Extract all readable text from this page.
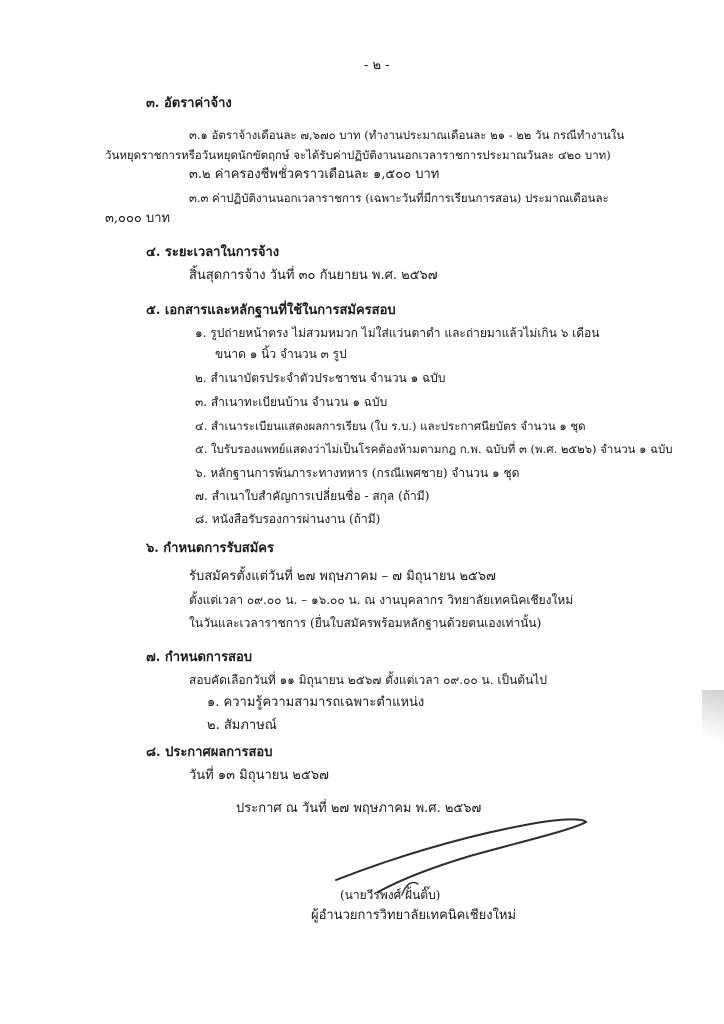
- ๒ -
๓. อัตราค่าจ้าง
๓.๑ อัตราจ้างเดือนละ ๗,๖๗๐ บาท (ทำงานประมาณเดือนละ ๒๑ - ๒๒ วัน กรณีทำงานใน
วันหยุดราชการหรือวันหยุดนักขัตฤกษ์ จะได้รับค่าปฏิบัติงานนอกเวลาราชการประมาณวันละ ๔๒๐ บาท)
๓.๒ ค่าครองชีพชั่วคราวเดือนละ ๑,๕๐๐ บาท
๓.๓ ค่าปฏิบัติงานนอกเวลาราชการ (เฉพาะวันที่มีการเรียนการสอน) ประมาณเดือนละ
๓,๐๐๐ บาท
๔. ระยะเวลาในการจ้าง
สิ้นสุดการจ้าง วันที่ ๓๐ กันยายน พ.ศ. ๒๕๖๗
๕. เอกสารและหลักฐานที่ใช้ในการสมัครสอบ
๑. รูปถ่ายหน้าตรง ไม่สวมหมวก ไม่ใส่แว่นตาดำ และถ่ายมาแล้วไม่เกิน ๖ เดือน
ขนาด ๑ นิ้ว จำนวน ๓ รูป
๒. สำเนาบัตรประจำตัวประชาชน จำนวน ๑ ฉบับ
๓. สำเนาทะเบียนบ้าน จำนวน ๑ ฉบับ
๔. สำเนาระเบียนแสดงผลการเรียน (ใบ ร.บ.) และประกาศนียบัตร จำนวน ๑ ชุด
๕. ใบรับรองแพทย์แสดงว่าไม่เป็นโรคต้องห้ามตามกฎ ก.พ. ฉบับที่ ๓ (พ.ศ. ๒๕๒๖) จำนวน ๑ ฉบับ
๖. หลักฐานการพ้นภาระทางทหาร (กรณีเพศชาย) จำนวน ๑ ชุด
๗. สำเนาใบสำคัญการเปลี่ยนชื่อ - สกุล (ถ้ามี)
๘. หนังสือรับรองการผ่านงาน (ถ้ามี)
๖. กำหนดการรับสมัคร
รับสมัครตั้งแต่วันที่ ๒๗ พฤษภาคม – ๗ มิถุนายน ๒๕๖๗
ตั้งแต่เวลา ๐๙.๐๐ น. – ๑๖.๐๐ น. ณ งานบุคลากร วิทยาลัยเทคนิคเชียงใหม่
ในวันและเวลาราชการ (ยื่นใบสมัครพร้อมหลักฐานด้วยตนเองเท่านั้น)
๗. กำหนดการสอบ
สอบคัดเลือกวันที่ ๑๑ มิถุนายน ๒๕๖๗ ตั้งแต่เวลา ๐๙.๐๐ น. เป็นต้นไป
๑. ความรู้ความสามารถเฉพาะตำแหน่ง
๒. สัมภาษณ์
๘. ประกาศผลการสอบ
วันที่ ๑๓ มิถุนายน ๒๕๖๗
ประกาศ ณ วันที่ ๒๗ พฤษภาคม พ.ศ. ๒๕๖๗
(นายวีรพงศ์ ฝั้นติ๊บ)
ผู้อำนวยการวิทยาลัยเทคนิคเชียงใหม่
